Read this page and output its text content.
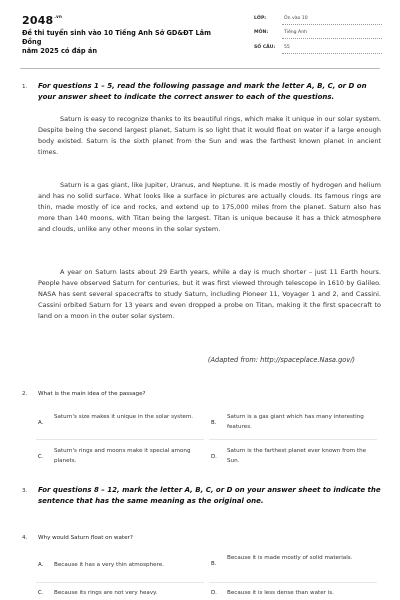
$2048^{.vn}$
Đề thi tuyển sinh vào 10 Tiếng Anh Sở GD&ĐT Lâm Đồng
năm 2025 có đáp án
LỚP:	Ôn vào 10
MÔN:	Tiếng Anh
SỐ CÂU: 55
1. For questions 1 – 5, read the following passage and mark the letter A, B, C, or D on your answer sheet to indicate the correct answer to each of the questions.
Saturn is easy to recognize thanks to its beautiful rings, which make it unique in our solar system. Despite being the second largest planet, Saturn is so light that it would float on water if a large enough body existed. Saturn is the sixth planet from the Sun and was the farthest known planet in ancient times.
Saturn is a gas giant, like Jupiter, Uranus, and Neptune. It is made mostly of hydrogen and helium and has no solid surface. What looks like a surface in pictures are actually clouds. Its famous rings are thin, made mostly of ice and rocks, and extend up to 175,000 miles from the planet. Saturn also has more than 140 moons, with Titan being the largest. Titan is unique because it has a thick atmosphere and clouds, unlike any other moons in the solar system.
A year on Saturn lasts about 29 Earth years, while a day is much shorter – just 11 Earth hours. People have observed Saturn for centuries, but it was first viewed through telescope in 1610 by Galileo. NASA has sent several spacecrafts to study Saturn, including Pioneer 11, Voyager 1 and 2, and Cassini. Cassini orbited Saturn for 13 years and even dropped a probe on Titan, making it the first spacecraft to land on a moon in the outer solar system.
(Adapted from: http://spaceplace.Nasa.gov/)
2. What is the main idea of the passage?
A.
Saturn's size makes it unique in the solar system.
B.
Saturn is a gas giant which has many interesting features.
C.
Saturn's rings and moons make it special among planets.
D.
Saturn is the farthest planet ever known from the Sun.
3. For questions 8 – 12, mark the letter A, B, C, or D on your answer sheet to indicate the sentence that has the same meaning as the original one.
4. Why would Saturn float on water?
A. Because it has a very thin atmosphere.	B.
Because it is made mostly of solid materials.
C. Because its rings are not very heavy.	D. Because it is less dense than water is.
